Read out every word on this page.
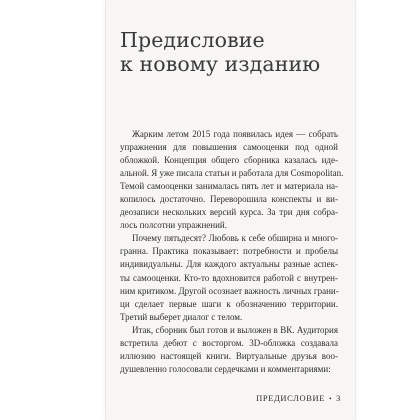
Предисловие
к новому изданию

Жарким летом 2015 года появилась идея — собрать
упражнения для повышения самооценки под одной
обложкой. Концепция общего сборника казалась иде-
альной. Я уже писала статьи и работала для Cosmopolitan.
Темой самооценки занималась пять лет и материала на-
копилось достаточно. Переворошила конспекты и ви-
деозаписи нескольких версий курса. За три дня собра-
лось полсотни упражнений.

Почему пятьдесят? Любовь к себе обширна и много-
гранна. Практика показывает: потребности и пробелы
индивидуальны. Для каждого актуальны разные аспек-
ты самооценки. Кто-то вдохновится работой с внутрен-
ним критиком. Другой осознает важность личных грани-
ци сделает первые шаги к обозначению территории.
Третий выберет диалог с телом.

Итак, сборник был готов и выложен в ВК. Аудитория
встретила дебют с восторгом. 3D-обложка создавала
иллюзию настоящей книги. Виртуальные друзья воо-
душевленно голосовали сердечками и комментариями:

ПРЕДИСЛОВИЕ • 3
